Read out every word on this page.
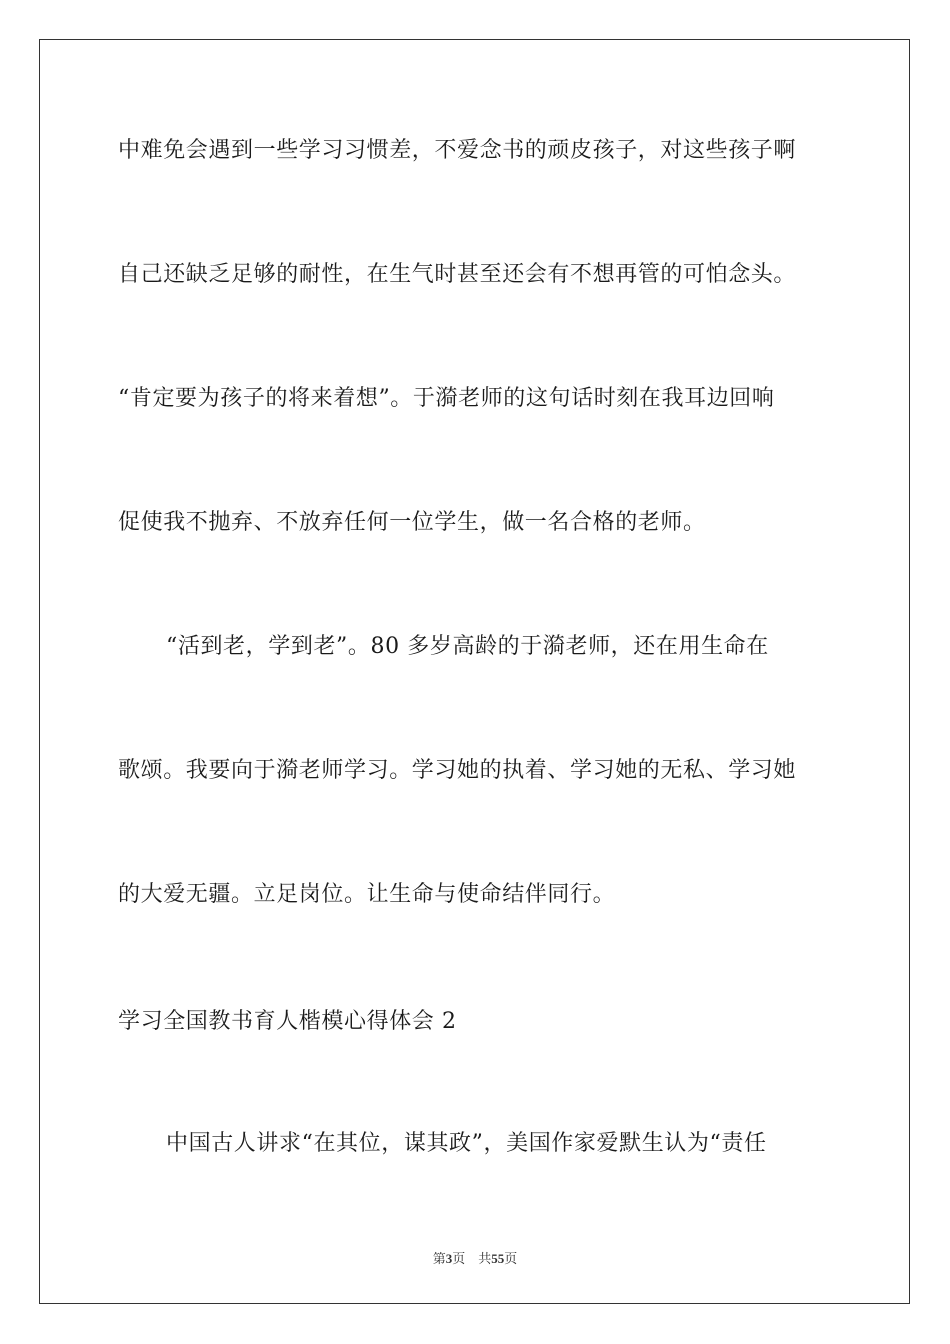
中难免会遇到一些学习习惯差，不爱念书的顽皮孩子，对这些孩子啊
自己还缺乏足够的耐性，在生气时甚至还会有不想再管的可怕念头。
“肯定要为孩子的将来着想”。于漪老师的这句话时刻在我耳边回响
促使我不抛弃、不放弃任何一位学生，做一名合格的老师。
“活到老，学到老”。80 多岁高龄的于漪老师，还在用生命在
歌颂。我要向于漪老师学习。学习她的执着、学习她的无私、学习她
的大爱无疆。立足岗位。让生命与使命结伴同行。
学习全国教书育人楷模心得体会 2
中国古人讲求“在其位，谋其政”，美国作家爱默生认为“责任
第3页 共55页
